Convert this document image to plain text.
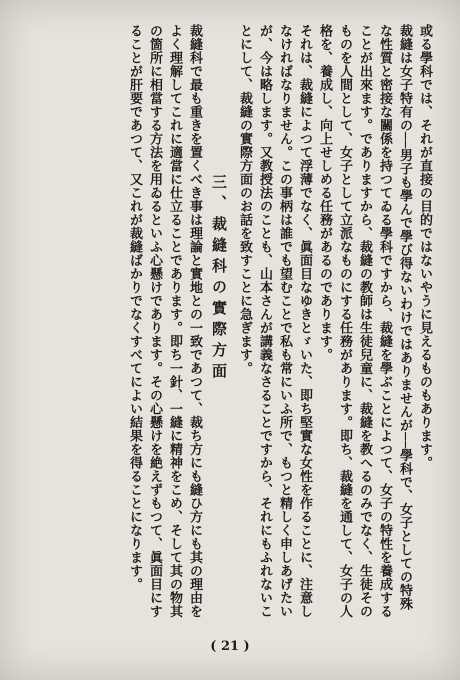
或る學科では、それが直接の目的ではないやうに見えるものもあります。

裁縫は女子特有の──男子も學んで學び得ないわけではありませんが──學科で、女子としての特殊な性質と密接な關係を持つてゐる學科ですから、裁縫を學ぶことによつて、女子の特性を養成することが出來ます。でありますから、裁縫の教師は生徒兒童に、裁縫を教へるのみでなく、生徒そのものを人間として、女子として立派なものにする任務があります。即ち、裁縫を通して、女子の人格を、養成し、向上せしめる任務があるのであります。

それは、裁縫によつて浮薄でなく、眞面目なゆきとゞいた、即ち堅實な女性を作ることに、注意しなければなりません。この事柄は誰でも望むことで私も常にいふ所で、もつと精しく申しあげたいが、今は略します。又教授法のことも、山本さんが講義なさることですから、それにもふれないことにして、裁縫の實際方面のお話を致すことに急ぎます。

三、裁縫科の實際方面

裁縫科で最も重きを置くべき事は理論と實地との一致であつて、裁ち方にも縫ひ方にも其の理由をよく理解してこれに適當に仕立ることであります。即ち一針、一縫に精神をこめ、そして其の物其の箇所に相當する方法を用ゐるといふ心懸けであります。その心懸けを絶えずもつて、眞面目にすることが肝要であつて、又これが裁縫ばかりでなくすべてによい結果を得ることになります。

( 21 )
